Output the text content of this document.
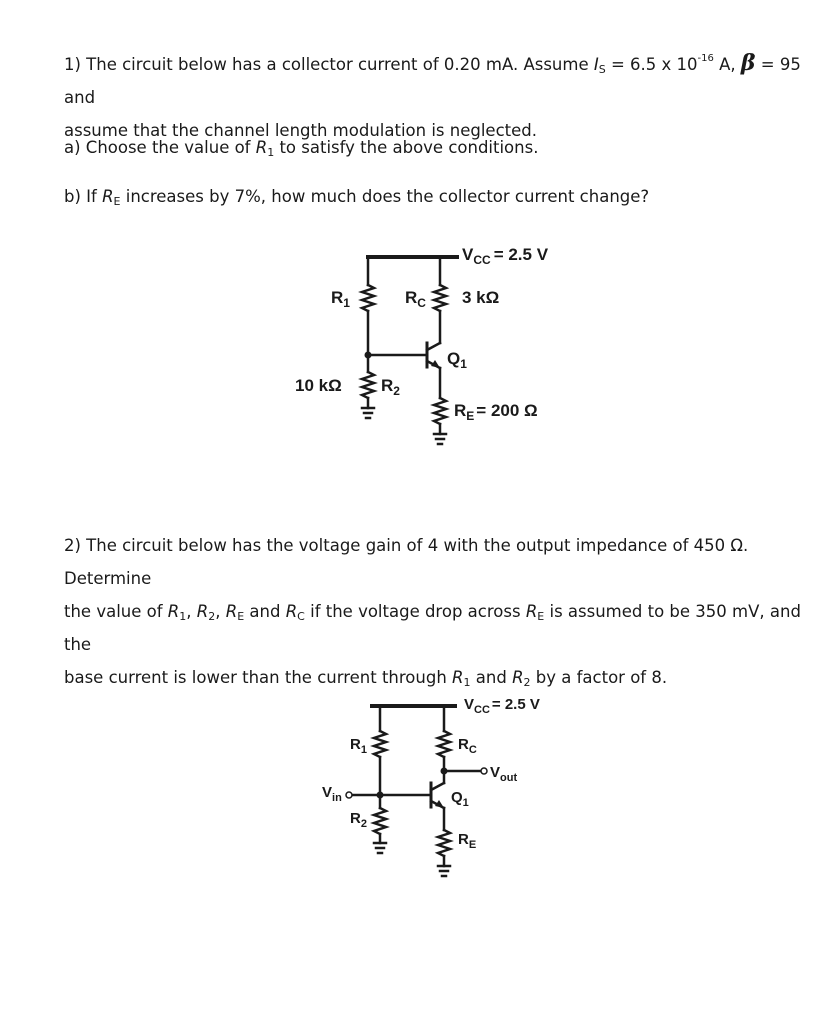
1) The circuit below has a collector current of 0.20 mA. Assume $I_S = 6.5$ x $10^{-16}$ A, β = 95 and
assume that the channel length modulation is neglected.
a) Choose the value of $R_1$ to satisfy the above conditions.
b) If $R_E$ increases by 7%, how much does the collector current change?
$V_{CC} = 2.5$ V
$R_1$	$R_C$ 3 kΩ
$Q_1$
10 kΩ $R_2$
$R_E = 200$ Ω
2) The circuit below has the voltage gain of 4 with the output impedance of 450 Ω. Determine
the value of $R_1$, $R_2$, $R_E$ and $R_C$ if the voltage drop across $R_E$ is assumed to be 350 mV, and the
base current is lower than the current through $R_1$ and $R_2$ by a factor of 8.
$V_{CC} = 2.5$ V
$R_1$	$R_C$
$V_{out}$
$V_{in}$	$Q_1$
$R_2$
$R_E$
